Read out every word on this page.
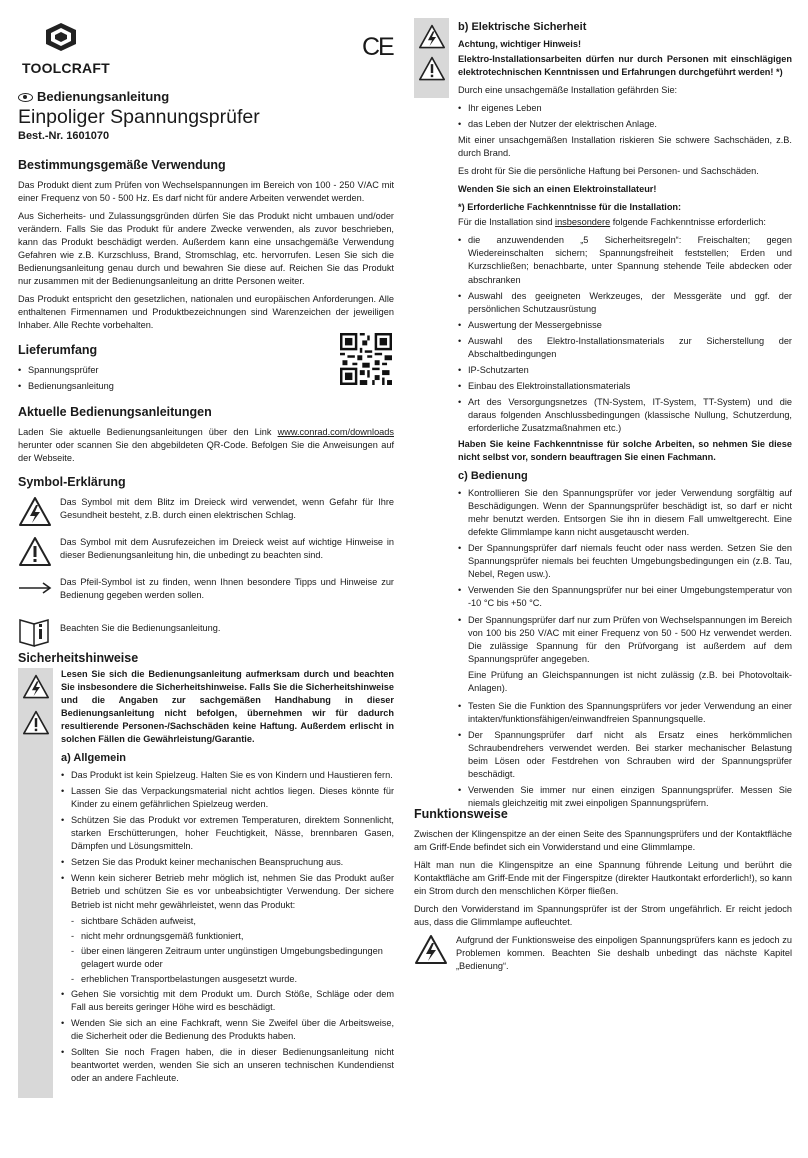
TOOLCRAFT
CE
Bedienungsanleitung
Einpoliger Spannungsprüfer
Best.-Nr. 1601070
Bestimmungsgemäße Verwendung

Das Produkt dient zum Prüfen von Wechselspannungen im Bereich von 100 - 250 V/AC mit einer Frequenz von 50 - 500 Hz. Es darf nicht für andere Arbeiten verwendet werden.

Aus Sicherheits- und Zulassungsgründen dürfen Sie das Produkt nicht umbauen und/oder verändern. Falls Sie das Produkt für andere Zwecke verwenden, als zuvor beschrieben, kann das Produkt beschädigt werden. Außerdem kann eine unsachgemäße Verwendung Gefahren wie z.B. Kurzschluss, Brand, Stromschlag, etc. hervorrufen. Lesen Sie sich die Bedienungsanleitung genau durch und bewahren Sie diese auf. Reichen Sie das Produkt nur zusammen mit der Bedienungsanleitung an dritte Personen weiter.

Das Produkt entspricht den gesetzlichen, nationalen und europäischen Anforderungen. Alle enthaltenen Firmennamen und Produktbezeichnungen sind Warenzeichen der jeweiligen Inhaber. Alle Rechte vorbehalten.

Lieferumfang
• Spannungsprüfer
• Bedienungsanleitung
Aktuelle Bedienungsanleitungen

Laden Sie aktuelle Bedienungsanleitungen über den Link www.conrad.com/downloads herunter oder scannen Sie den abgebildeten QR-Code. Befolgen Sie die Anweisungen auf der Webseite.

Symbol-Erklärung
Das Symbol mit dem Blitz im Dreieck wird verwendet, wenn Gefahr für Ihre Gesundheit besteht, z.B. durch einen elektrischen Schlag.
Das Symbol mit dem Ausrufezeichen im Dreieck weist auf wichtige Hinweise in dieser Bedienungsanleitung hin, die unbedingt zu beachten sind.
Das Pfeil-Symbol ist zu finden, wenn Ihnen besondere Tipps und Hinweise zur Bedienung gegeben werden sollen.
Beachten Sie die Bedienungsanleitung.
Sicherheitshinweise

Lesen Sie sich die Bedienungsanleitung aufmerksam durch und beachten Sie insbesondere die Sicherheitshinweise. Falls Sie die Sicherheitshinweise und die Angaben zur sachgemäßen Handhabung in dieser Bedienungsanleitung nicht befolgen, übernehmen wir für dadurch resultierende Personen-/Sachschäden keine Haftung. Außerdem erlischt in solchen Fällen die Gewährleistung/Garantie.

a) Allgemein
• Das Produkt ist kein Spielzeug. Halten Sie es von Kindern und Haustieren fern.
• Lassen Sie das Verpackungsmaterial nicht achtlos liegen. Dieses könnte für Kinder zu einem gefährlichen Spielzeug werden.
• Schützen Sie das Produkt vor extremen Temperaturen, direktem Sonnenlicht, starken Erschütterungen, hoher Feuchtigkeit, Nässe, brennbaren Gasen, Dämpfen und Lösungsmitteln.
• Setzen Sie das Produkt keiner mechanischen Beanspruchung aus.
• Wenn kein sicherer Betrieb mehr möglich ist, nehmen Sie das Produkt außer Betrieb und schützen Sie es vor unbeabsichtigter Verwendung. Der sichere Betrieb ist nicht mehr gewährleistet, wenn das Produkt:
- sichtbare Schäden aufweist,
- nicht mehr ordnungsgemäß funktioniert,
- über einen längeren Zeitraum unter ungünstigen Umgebungsbedingungen gelagert wurde oder
- erheblichen Transportbelastungen ausgesetzt wurde.
• Gehen Sie vorsichtig mit dem Produkt um. Durch Stöße, Schläge oder dem Fall aus bereits geringer Höhe wird es beschädigt.
• Wenden Sie sich an eine Fachkraft, wenn Sie Zweifel über die Arbeitsweise, die Sicherheit oder die Bedienung des Produkts haben.
• Sollten Sie noch Fragen haben, die in dieser Bedienungsanleitung nicht beantwortet werden, wenden Sie sich an unseren technischen Kundendienst oder an andere Fachleute.
b) Elektrische Sicherheit

Achtung, wichtiger Hinweis!

Elektro-Installationsarbeiten dürfen nur durch Personen mit einschlägigen elektrotechnischen Kenntnissen und Erfahrungen durchgeführt werden! *)

Durch eine unsachgemäße Installation gefährden Sie:

• Ihr eigenes Leben
• das Leben der Nutzer der elektrischen Anlage.

Mit einer unsachgemäßen Installation riskieren Sie schwere Sachschäden, z.B. durch Brand.

Es droht für Sie die persönliche Haftung bei Personen- und Sachschäden.

Wenden Sie sich an einen Elektroinstallateur!

*) Erforderliche Fachkenntnisse für die Installation:

Für die Installation sind insbesondere folgende Fachkenntnisse erforderlich:

• die anzuwendenden „5 Sicherheitsregeln“: Freischalten; gegen Wiedereinschalten sichern; Spannungsfreiheit feststellen; Erden und Kurzschließen; benachbarte, unter Spannung stehende Teile abdecken oder abschranken
• Auswahl des geeigneten Werkzeuges, der Messgeräte und ggf. der persönlichen Schutzausrüstung
• Auswertung der Messergebnisse
• Auswahl des Elektro-Installationsmaterials zur Sicherstellung der Abschaltbedingungen
• IP-Schutzarten
• Einbau des Elektroinstallationsmaterials
• Art des Versorgungsnetzes (TN-System, IT-System, TT-System) und die daraus folgenden Anschlussbedingungen (klassische Nullung, Schutzerdung, erforderliche Zusatzmaßnahmen etc.)

Haben Sie keine Fachkenntnisse für solche Arbeiten, so nehmen Sie diese nicht selbst vor, sondern beauftragen Sie einen Fachmann.

c) Bedienung
• Kontrollieren Sie den Spannungsprüfer vor jeder Verwendung sorgfältig auf Beschädigungen. Wenn der Spannungsprüfer beschädigt ist, so darf er nicht mehr benutzt werden. Entsorgen Sie ihn in diesem Fall umweltgerecht. Eine defekte Glimmlampe kann nicht ausgetauscht werden.
• Der Spannungsprüfer darf niemals feucht oder nass werden. Setzen Sie den Spannungsprüfer niemals bei feuchten Umgebungsbedingungen ein (z.B. Tau, Nebel, Regen usw.).
• Verwenden Sie den Spannungsprüfer nur bei einer Umgebungstemperatur von -10 °C bis +50 °C.
• Der Spannungsprüfer darf nur zum Prüfen von Wechselspannungen im Bereich von 100 bis 250 V/AC mit einer Frequenz von 50 - 500 Hz verwendet werden. Die zulässige Spannung für den Prüfvorgang ist außerdem auf dem Spannungsprüfer angegeben.

Eine Prüfung an Gleichspannungen ist nicht zulässig (z.B. bei Photovoltaik-Anlagen).

• Testen Sie die Funktion des Spannungsprüfers vor jeder Verwendung an einer intakten/funktionsfähigen/einwandfreien Spannungsquelle.
• Der Spannungsprüfer darf nicht als Ersatz eines herkömmlichen Schraubendrehers verwendet werden. Bei starker mechanischer Belastung beim Lösen oder Festdrehen von Schrauben wird der Spannungsprüfer beschädigt.
• Verwenden Sie immer nur einen einzigen Spannungsprüfer. Messen Sie niemals gleichzeitig mit zwei einpoligen Spannungsprüfern.
Funktionsweise

Zwischen der Klingenspitze an der einen Seite des Spannungsprüfers und der Kontaktfläche am Griff-Ende befindet sich ein Vorwiderstand und eine Glimmlampe.

Hält man nun die Klingenspitze an eine Spannung führende Leitung und berührt die Kontaktfläche am Griff-Ende mit der Fingerspitze (direkter Hautkontakt erforderlich!), so kann ein Strom durch den menschlichen Körper fließen.

Durch den Vorwiderstand im Spannungsprüfer ist der Strom ungefährlich. Er reicht jedoch aus, dass die Glimmlampe aufleuchtet.

Aufgrund der Funktionsweise des einpoligen Spannungsprüfers kann es jedoch zu Problemen kommen. Beachten Sie deshalb unbedingt das nächste Kapitel „Bedienung“.
